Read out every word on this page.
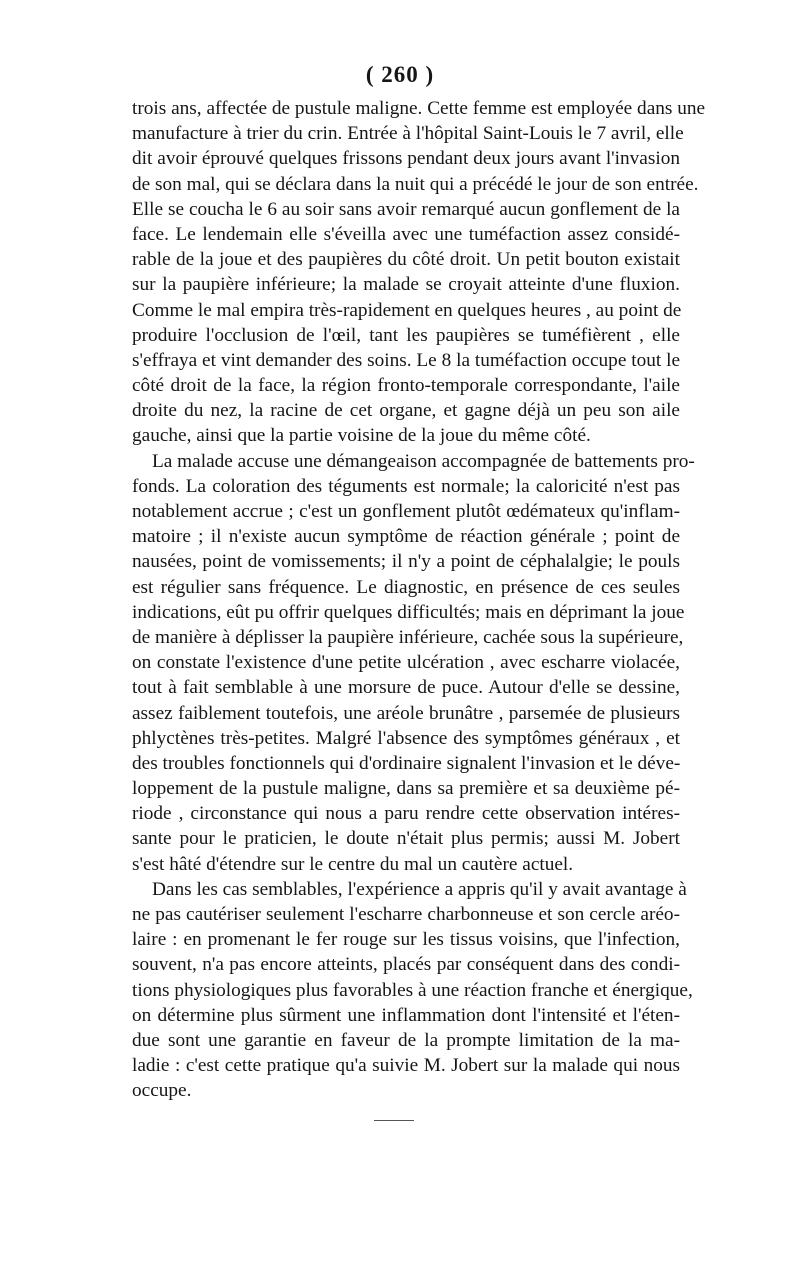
( 260 )
trois ans, affectée de pustule maligne. Cette femme est employée dans une
manufacture à trier du crin. Entrée à l'hôpital Saint-Louis le 7 avril, elle
dit avoir éprouvé quelques frissons pendant deux jours avant l'invasion
de son mal, qui se déclara dans la nuit qui a précédé le jour de son entrée.
Elle se coucha le 6 au soir sans avoir remarqué aucun gonflement de la
face. Le lendemain elle s'éveilla avec une tuméfaction assez considé-
rable de la joue et des paupières du côté droit. Un petit bouton existait
sur la paupière inférieure; la malade se croyait atteinte d'une fluxion.
Comme le mal empira très-rapidement en quelques heures , au point de
produire l'occlusion de l'œil, tant les paupières se tuméfièrent , elle
s'effraya et vint demander des soins. Le 8 la tuméfaction occupe tout le
côté droit de la face, la région fronto-temporale correspondante, l'aile
droite du nez, la racine de cet organe, et gagne déjà un peu son aile
gauche, ainsi que la partie voisine de la joue du même côté.
La malade accuse une démangeaison accompagnée de battements pro-
fonds. La coloration des téguments est normale; la caloricité n'est pas
notablement accrue ; c'est un gonflement plutôt œdémateux qu'inflam-
matoire ; il n'existe aucun symptôme de réaction générale ; point de
nausées, point de vomissements; il n'y a point de céphalalgie; le pouls
est régulier sans fréquence. Le diagnostic, en présence de ces seules
indications, eût pu offrir quelques difficultés; mais en déprimant la joue
de manière à déplisser la paupière inférieure, cachée sous la supérieure,
on constate l'existence d'une petite ulcération , avec escharre violacée,
tout à fait semblable à une morsure de puce. Autour d'elle se dessine,
assez faiblement toutefois, une aréole brunâtre , parsemée de plusieurs
phlyctènes très-petites. Malgré l'absence des symptômes généraux , et
des troubles fonctionnels qui d'ordinaire signalent l'invasion et le déve-
loppement de la pustule maligne, dans sa première et sa deuxième pé-
riode , circonstance qui nous a paru rendre cette observation intéres-
sante pour le praticien, le doute n'était plus permis; aussi M. Jobert
s'est hâté d'étendre sur le centre du mal un cautère actuel.
Dans les cas semblables, l'expérience a appris qu'il y avait avantage à
ne pas cautériser seulement l'escharre charbonneuse et son cercle aréo-
laire : en promenant le fer rouge sur les tissus voisins, que l'infection,
souvent, n'a pas encore atteints, placés par conséquent dans des condi-
tions physiologiques plus favorables à une réaction franche et énergique,
on détermine plus sûrment une inflammation dont l'intensité et l'éten-
due sont une garantie en faveur de la prompte limitation de la ma-
ladie : c'est cette pratique qu'a suivie M. Jobert sur la malade qui nous
occupe.
